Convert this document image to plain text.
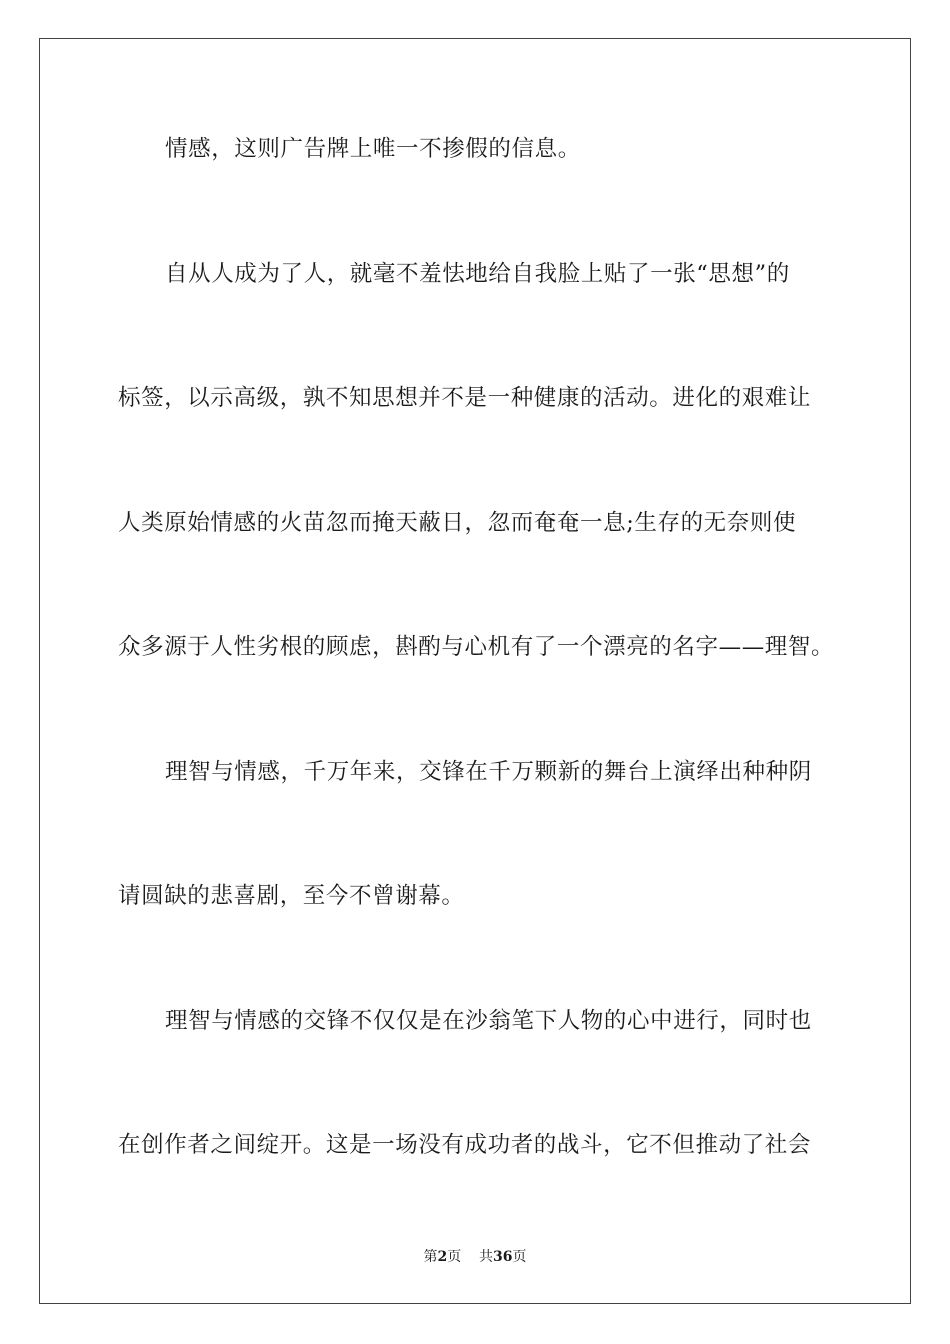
情感，这则广告牌上唯一不掺假的信息。
自从人成为了人，就毫不羞怯地给自我脸上贴了一张“思想”的
标签，以示高级，孰不知思想并不是一种健康的活动。进化的艰难让
人类原始情感的火苗忽而掩天蔽日，忽而奄奄一息;生存的无奈则使
众多源于人性劣根的顾虑，斟酌与心机有了一个漂亮的名字——理智。
理智与情感，千万年来，交锋在千万颗新的舞台上演绎出种种阴
请圆缺的悲喜剧，至今不曾谢幕。
理智与情感的交锋不仅仅是在沙翁笔下人物的心中进行，同时也
在创作者之间绽开。这是一场没有成功者的战斗，它不但推动了社会
第2页 共36页
